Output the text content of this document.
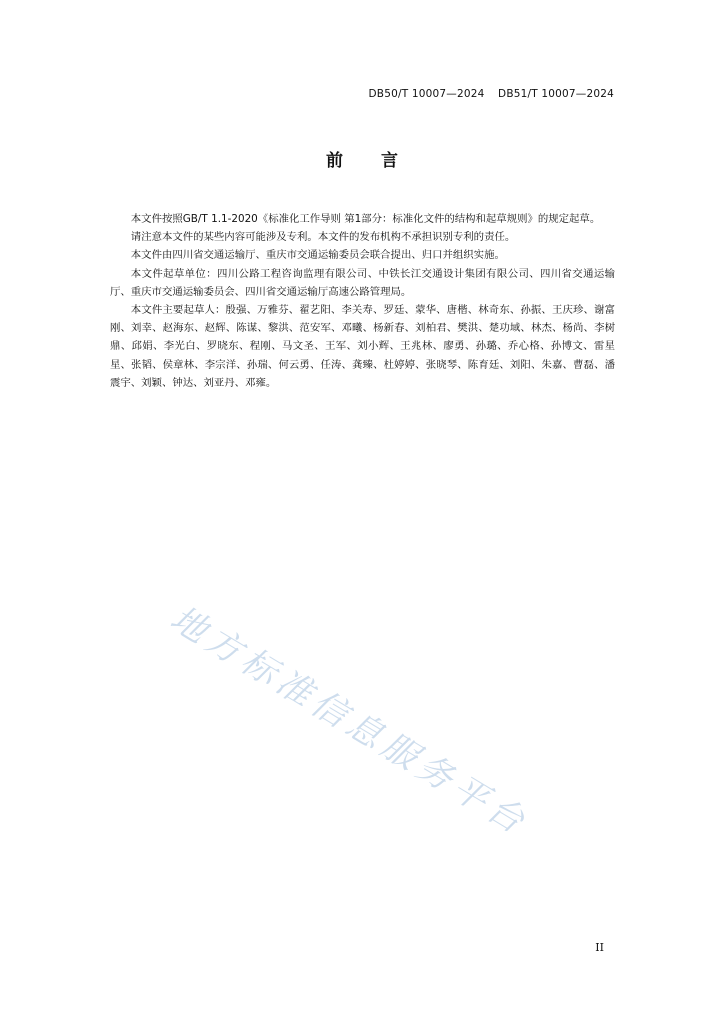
DB50/T 10007—2024 DB51/T 10007—2024
前言

本文件按照GB/T 1.1-2020《标准化工作导则 第1部分：标准化文件的结构和起草规则》的规定起草。

请注意本文件的某些内容可能涉及专利。本文件的发布机构不承担识别专利的责任。

本文件由四川省交通运输厅、重庆市交通运输委员会联合提出、归口并组织实施。

本文件起草单位：四川公路工程咨询监理有限公司、中铁长江交通设计集团有限公司、四川省交通运输厅、重庆市交通运输委员会、四川省交通运输厅高速公路管理局。

本文件主要起草人：殷强、万雅芬、翟艺阳、李关寿、罗廷、蒙华、唐楷、林奇东、孙振、王庆珍、谢富刚、刘幸、赵海东、赵辉、陈谋、黎洪、范安军、邓曦、杨新春、刘柏君、樊洪、楚功域、林杰、杨尚、李树鼎、邱娟、李光白、罗晓东、程刚、马文圣、王军、刘小辉、王兆林、廖勇、孙璐、乔心格、孙博文、雷星星、张韬、侯章林、李宗洋、孙瑞、何云勇、任涛、龚臻、杜婷婷、张晓琴、陈育廷、刘阳、朱嘉、曹磊、潘震宇、刘颖、钟达、刘亚丹、邓雍。

地方标准信息服务平台
II
